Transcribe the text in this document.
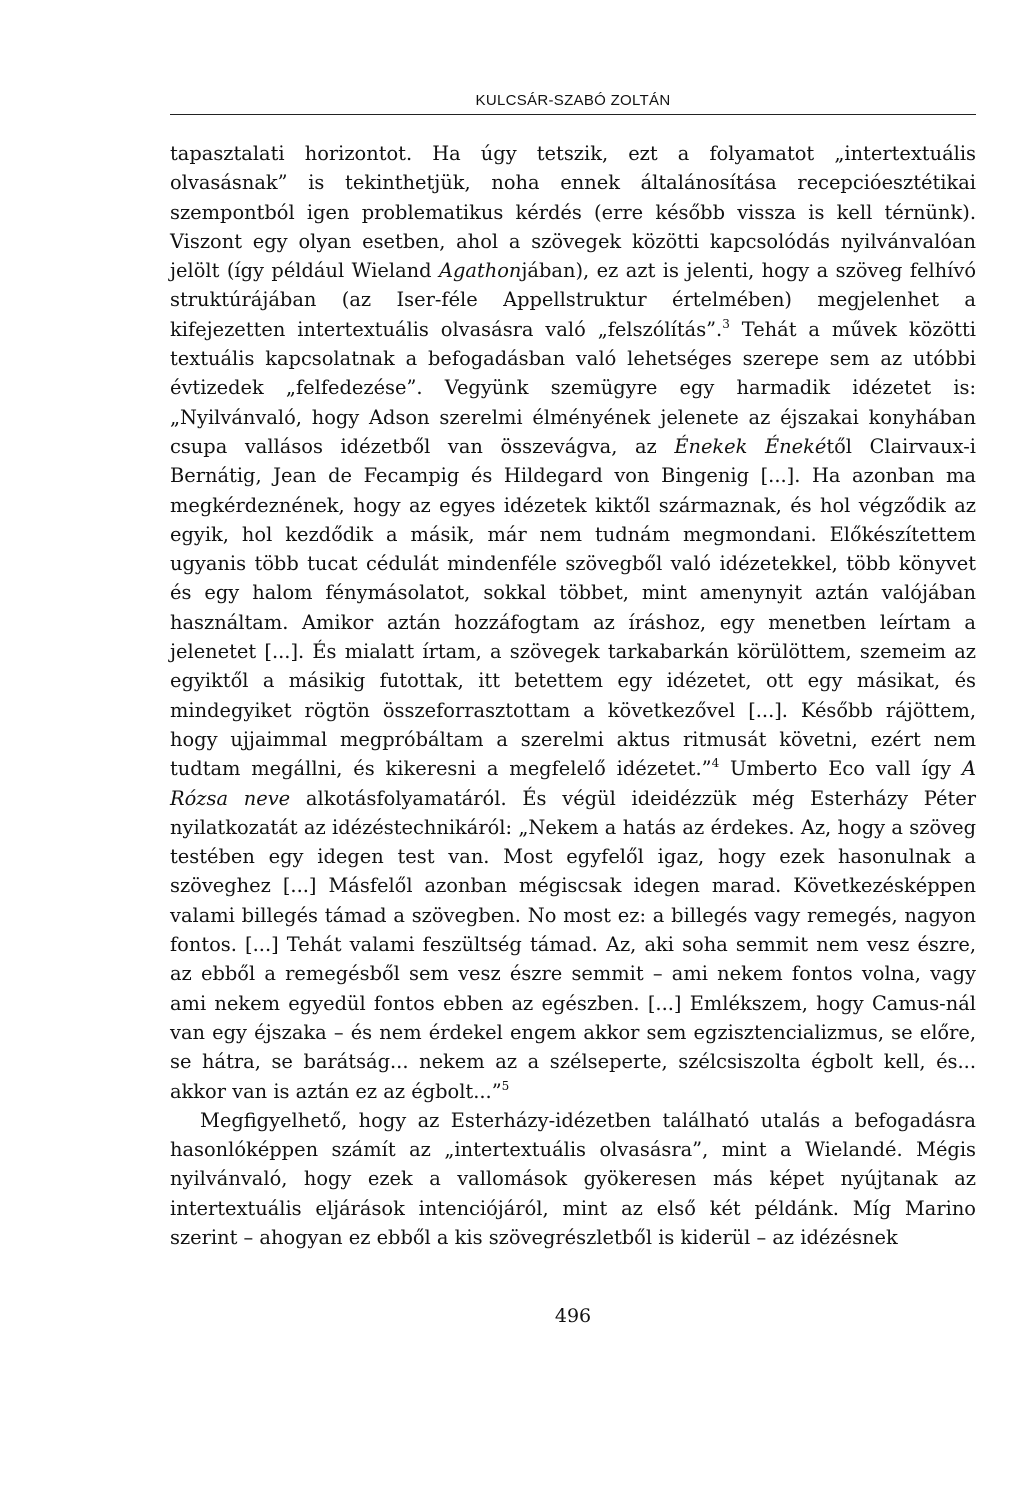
KULCSÁR-SZABÓ ZOLTÁN

tapasztalati horizontot. Ha úgy tetszik, ezt a folyamatot „intertextuális olvasásnak” is tekinthetjük, noha ennek általánosítása recepcióesztétikai szempontból igen problematikus kérdés (erre később vissza is kell térnünk). Viszont egy olyan esetben, ahol a szövegek közötti kapcsolódás nyilvánvalóan jelölt (így például Wieland Agathonjában), ez azt is jelenti, hogy a szöveg felhívó struktúrájában (az Iser-féle Appellstruktur értelmében) megjelenhet a kifejezetten intertextuális olvasásra való „felszólítás”.$^3$ Tehát a művek közötti textuális kapcsolatnak a befogadásban való lehetséges szerepe sem az utóbbi évtizedek „felfedezése”. Vegyünk szemügyre egy harmadik idézetet is: „Nyilvánvaló, hogy Adson szerelmi élményének jelenete az éjszakai konyhában csupa vallásos idézetből van összevágva, az Énekek Énekétől Clairvaux-i Bernátig, Jean de Fecampig és Hildegard von Bingenig [...]. Ha azonban ma megkérdeznének, hogy az egyes idézetek kiktől származnak, és hol végződik az egyik, hol kezdődik a másik, már nem tudnám megmondani. Előkészítettem ugyanis több tucat cédulát mindenféle szövegből való idézetekkel, több könyvet és egy halom fénymásolatot, sokkal többet, mint amenynyit aztán valójában használtam. Amikor aztán hozzáfogtam az íráshoz, egy menetben leírtam a jelenetet [...]. És mialatt írtam, a szövegek tarkabarkán körülöttem, szemeim az egyiktől a másikig futottak, itt betettem egy idézetet, ott egy másikat, és mindegyiket rögtön összeforrasztottam a következővel [...]. Később rájöttem, hogy ujjaimmal megpróbáltam a szerelmi aktus ritmusát követni, ezért nem tudtam megállni, és kikeresni a megfelelő idézetet.”$^4$ Umberto Eco vall így A Rózsa neve alkotásfolyamatáról. És végül ideidézzük még Esterházy Péter nyilatkozatát az idézéstechnikáról: „Nekem a hatás az érdekes. Az, hogy a szöveg testében egy idegen test van. Most egyfelől igaz, hogy ezek hasonulnak a szöveghez [...] Másfelől azonban mégiscsak idegen marad. Következésképpen valami billegés támad a szövegben. No most ez: a billegés vagy remegés, nagyon fontos. [...] Tehát valami feszültség támad. Az, aki soha semmit nem vesz észre, az ebből a remegésből sem vesz észre semmit – ami nekem fontos volna, vagy ami nekem egyedül fontos ebben az egészben. [...] Emlékszem, hogy Camus-nál van egy éjszaka – és nem érdekel engem akkor sem egzisztencializmus, se előre, se hátra, se barátság... nekem az a szélseperte, szélcsiszolta égbolt kell, és... akkor van is aztán ez az égbolt...”$^5$

Megfigyelhető, hogy az Esterházy-idézetben található utalás a befogadásra hasonlóképpen számít az „intertextuális olvasásra”, mint a Wielandé. Mégis nyilvánvaló, hogy ezek a vallomások gyökeresen más képet nyújtanak az intertextuális eljárások intenciójáról, mint az első két példánk. Míg Marino szerint – ahogyan ez ebből a kis szövegrészletből is kiderül – az idézésnek

496
